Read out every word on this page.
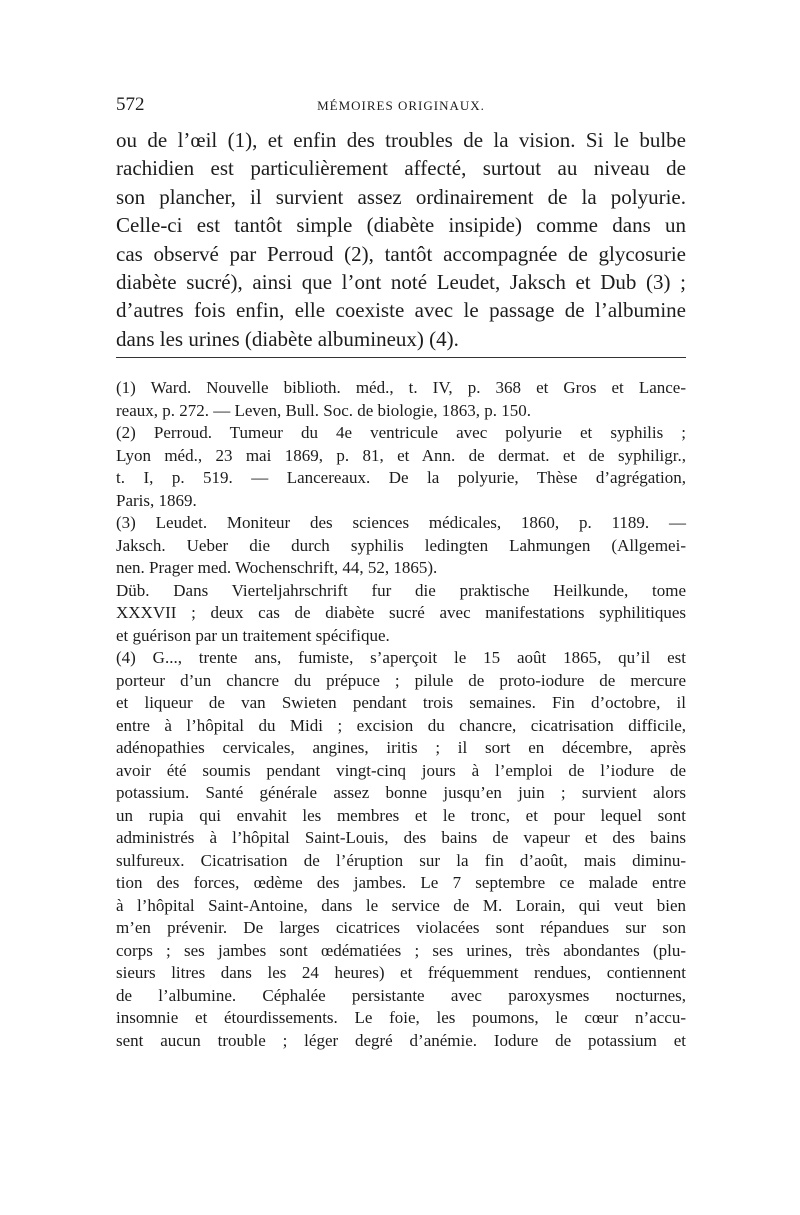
572	MÉMOIRES ORIGINAUX.
ou de l’œil (1), et enfin des troubles de la vision. Si le bulbe
rachidien est particulièrement affecté, surtout au niveau de
son plancher, il survient assez ordinairement de la polyurie.
Celle-ci est tantôt simple (diabète insipide) comme dans un
cas observé par Perroud (2), tantôt accompagnée de glycosurie
diabète sucré), ainsi que l’ont noté Leudet, Jaksch et Dub (3) ;
d’autres fois enfin, elle coexiste avec le passage de l’albumine
dans les urines (diabète albumineux) (4).
(1) Ward. Nouvelle biblioth. méd., t. IV, p. 368 et Gros et Lance-
reaux, p. 272. — Leven, Bull. Soc. de biologie, 1863, p. 150.
(2) Perroud. Tumeur du 4e ventricule avec polyurie et syphilis ;
Lyon méd., 23 mai 1869, p. 81, et Ann. de dermat. et de syphiligr.,
t. I, p. 519. — Lancereaux. De la polyurie, Thèse d’agrégation,
Paris, 1869.
(3) Leudet. Moniteur des sciences médicales, 1860, p. 1189. —
Jaksch. Ueber die durch syphilis ledingten Lahmungen (Allgemei-
nen. Prager med. Wochenschrift, 44, 52, 1865).
Düb. Dans Vierteljahrschrift fur die praktische Heilkunde, tome
XXXVII ; deux cas de diabète sucré avec manifestations syphilitiques
et guérison par un traitement spécifique.
(4) G..., trente ans, fumiste, s’aperçoit le 15 août 1865, qu’il est
porteur d’un chancre du prépuce ; pilule de proto-iodure de mercure
et liqueur de van Swieten pendant trois semaines. Fin d’octobre, il
entre à l’hôpital du Midi ; excision du chancre, cicatrisation difficile,
adénopathies cervicales, angines, iritis ; il sort en décembre, après
avoir été soumis pendant vingt-cinq jours à l’emploi de l’iodure de
potassium. Santé générale assez bonne jusqu’en juin ; survient alors
un rupia qui envahit les membres et le tronc, et pour lequel sont
administrés à l’hôpital Saint-Louis, des bains de vapeur et des bains
sulfureux. Cicatrisation de l’éruption sur la fin d’août, mais diminu-
tion des forces, œdème des jambes. Le 7 septembre ce malade entre
à l’hôpital Saint-Antoine, dans le service de M. Lorain, qui veut bien
m’en prévenir. De larges cicatrices violacées sont répandues sur son
corps ; ses jambes sont œdématiées ; ses urines, très abondantes (plu-
sieurs litres dans les 24 heures) et fréquemment rendues, contiennent
de l’albumine. Céphalée persistante avec paroxysmes nocturnes,
insomnie et étourdissements. Le foie, les poumons, le cœur n’accu-
sent aucun trouble ; léger degré d’anémie. Iodure de potassium et
